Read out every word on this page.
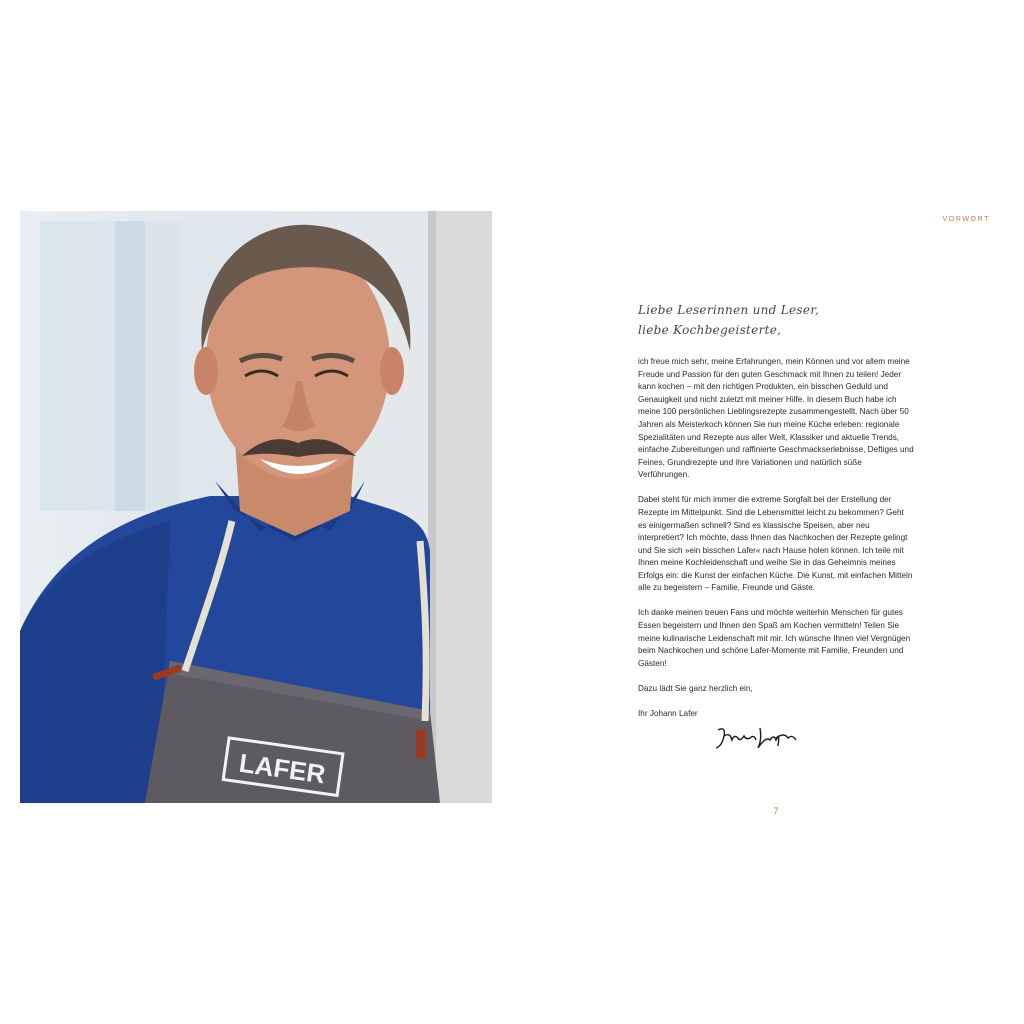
LAFER
VORWORT
Liebe Leserinnen und Leser,
liebe Kochbegeisterte,

ich freue mich sehr, meine Erfahrungen, mein Können und vor allem meine Freude und Passion für den guten Geschmack mit Ihnen zu teilen! Jeder kann kochen – mit den richtigen Produkten, ein bisschen Geduld und Genauigkeit und nicht zuletzt mit meiner Hilfe. In diesem Buch habe ich meine 100 persönlichen Lieblingsrezepte zusammengestellt. Nach über 50 Jahren als Meisterkoch können Sie nun meine Küche erleben: regionale Spezialitäten und Rezepte aus aller Welt, Klassiker und aktuelle Trends, einfache Zubereitungen und raffinierte Geschmackserlebnisse, Deftiges und Feines, Grundrezepte und ihre Variationen und natürlich süße Verführungen.

Dabei steht für mich immer die extreme Sorgfalt bei der Erstellung der Rezepte im Mittelpunkt. Sind die Lebensmittel leicht zu bekommen? Geht es einigermaßen schnell? Sind es klassische Speisen, aber neu interpretiert? Ich möchte, dass Ihnen das Nachkochen der Rezepte gelingt und Sie sich »ein bisschen Lafer« nach Hause holen können. Ich teile mit Ihnen meine Kochleidenschaft und weihe Sie in das Geheimnis meines Erfolgs ein: die Kunst der einfachen Küche. Die Kunst, mit einfachen Mitteln alle zu begeistern – Familie, Freunde und Gäste.

Ich danke meinen treuen Fans und möchte weiterhin Menschen für gutes Essen begeistern und Ihnen den Spaß am Kochen vermitteln! Teilen Sie meine kulinarische Leidenschaft mit mir. Ich wünsche Ihnen viel Vergnügen beim Nachkochen und schöne Lafer-Momente mit Familie, Freunden und Gästen!

Dazu lädt Sie ganz herzlich ein,

Ihr Johann Lafer

7
